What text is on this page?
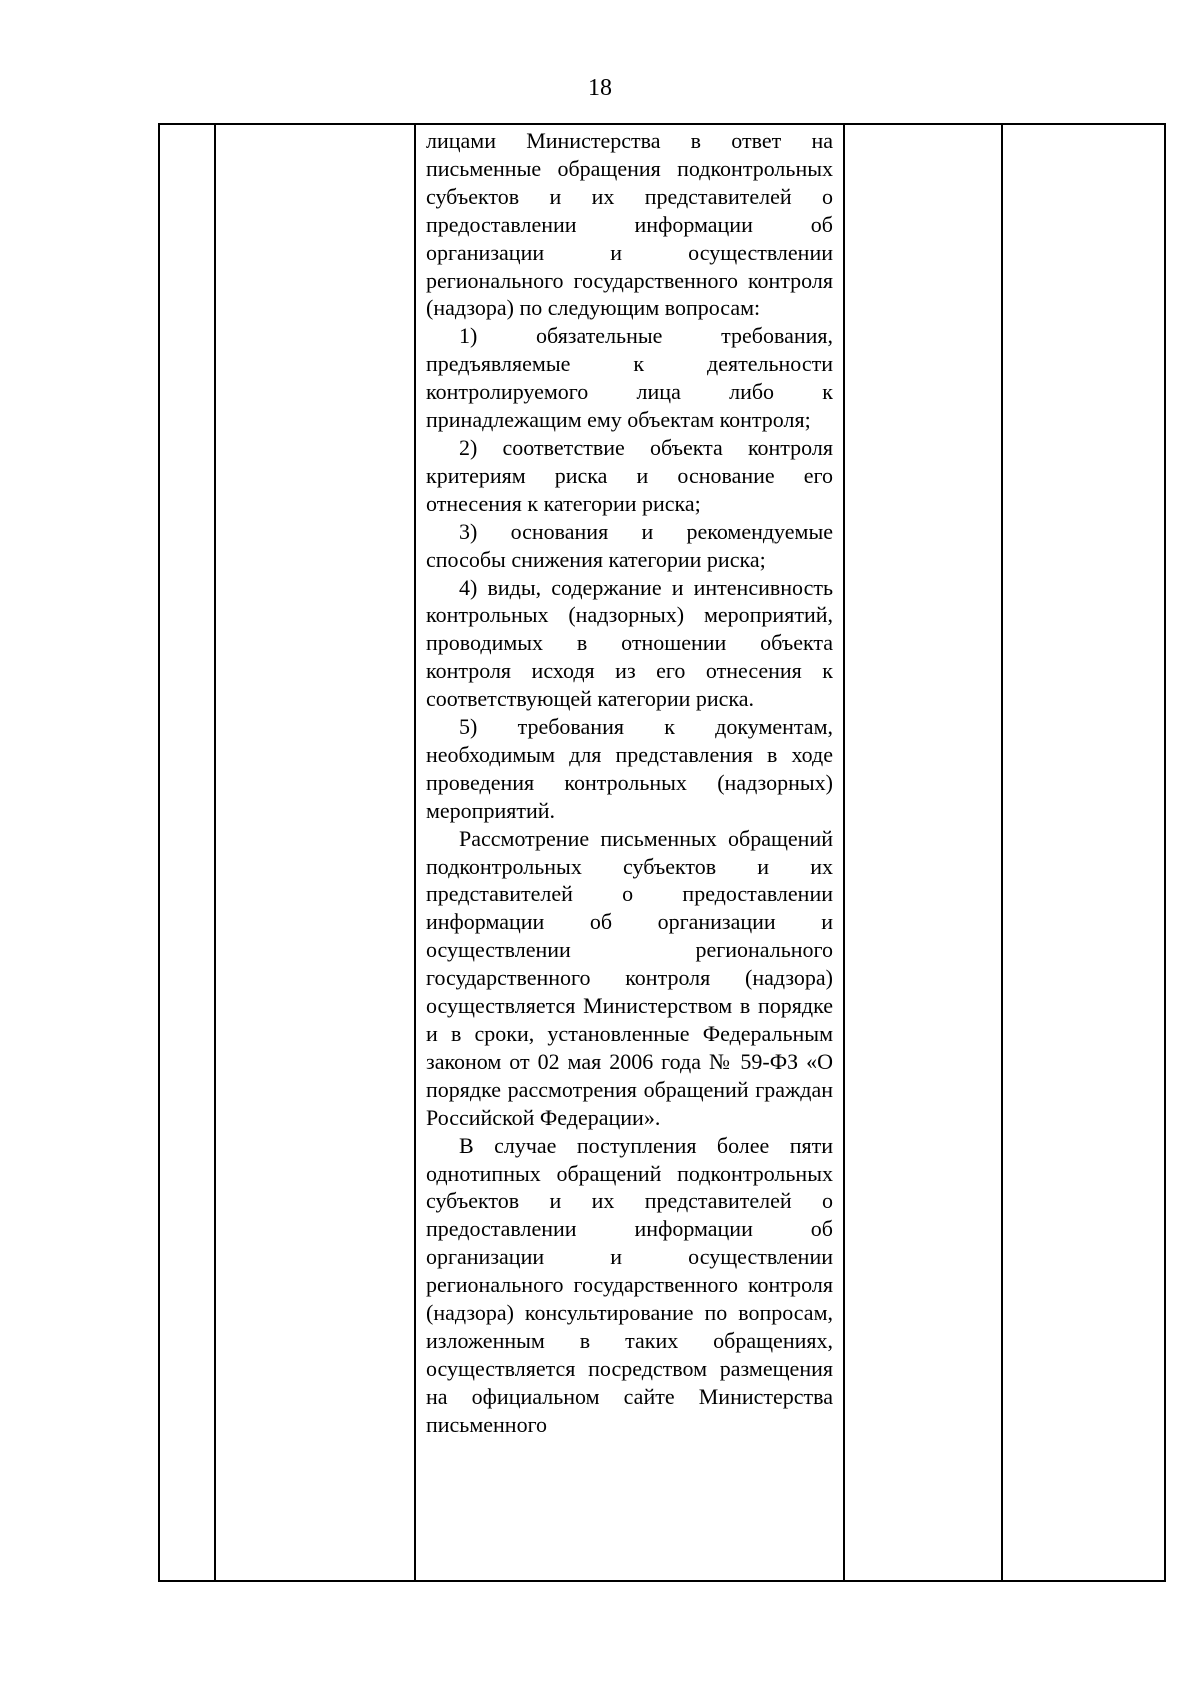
18

лицами Министерства в ответ на письменные обращения подконтрольных субъектов и их представителей о предоставлении информации об организации и осуществлении регионального государственного контроля (надзора) по следующим вопросам:

1) обязательные требования, предъявляемые к деятельности контролируемого лица либо к принадлежащим ему объектам контроля;

2) соответствие объекта контроля критериям риска и основание его отнесения к категории риска;

3) основания и рекомендуемые способы снижения категории риска;

4) виды, содержание и интенсивность контрольных (надзорных) мероприятий, проводимых в отношении объекта контроля исходя из его отнесения к соответствующей категории риска.

5) требования к документам, необходимым для представления в ходе проведения контрольных (надзорных) мероприятий.

Рассмотрение письменных обращений подконтрольных субъектов и их представителей о предоставлении информации об организации и осуществлении регионального государственного контроля (надзора) осуществляется Министерством в порядке и в сроки, установленные Федеральным законом от 02 мая 2006 года № 59-ФЗ «О порядке рассмотрения обращений граждан Российской Федерации».

В случае поступления более пяти однотипных обращений подконтрольных субъектов и их представителей о предоставлении информации об организации и осуществлении регионального государственного контроля (надзора) консультирование по вопросам, изложенным в таких обращениях, осуществляется посредством размещения на официальном сайте Министерства письменного
